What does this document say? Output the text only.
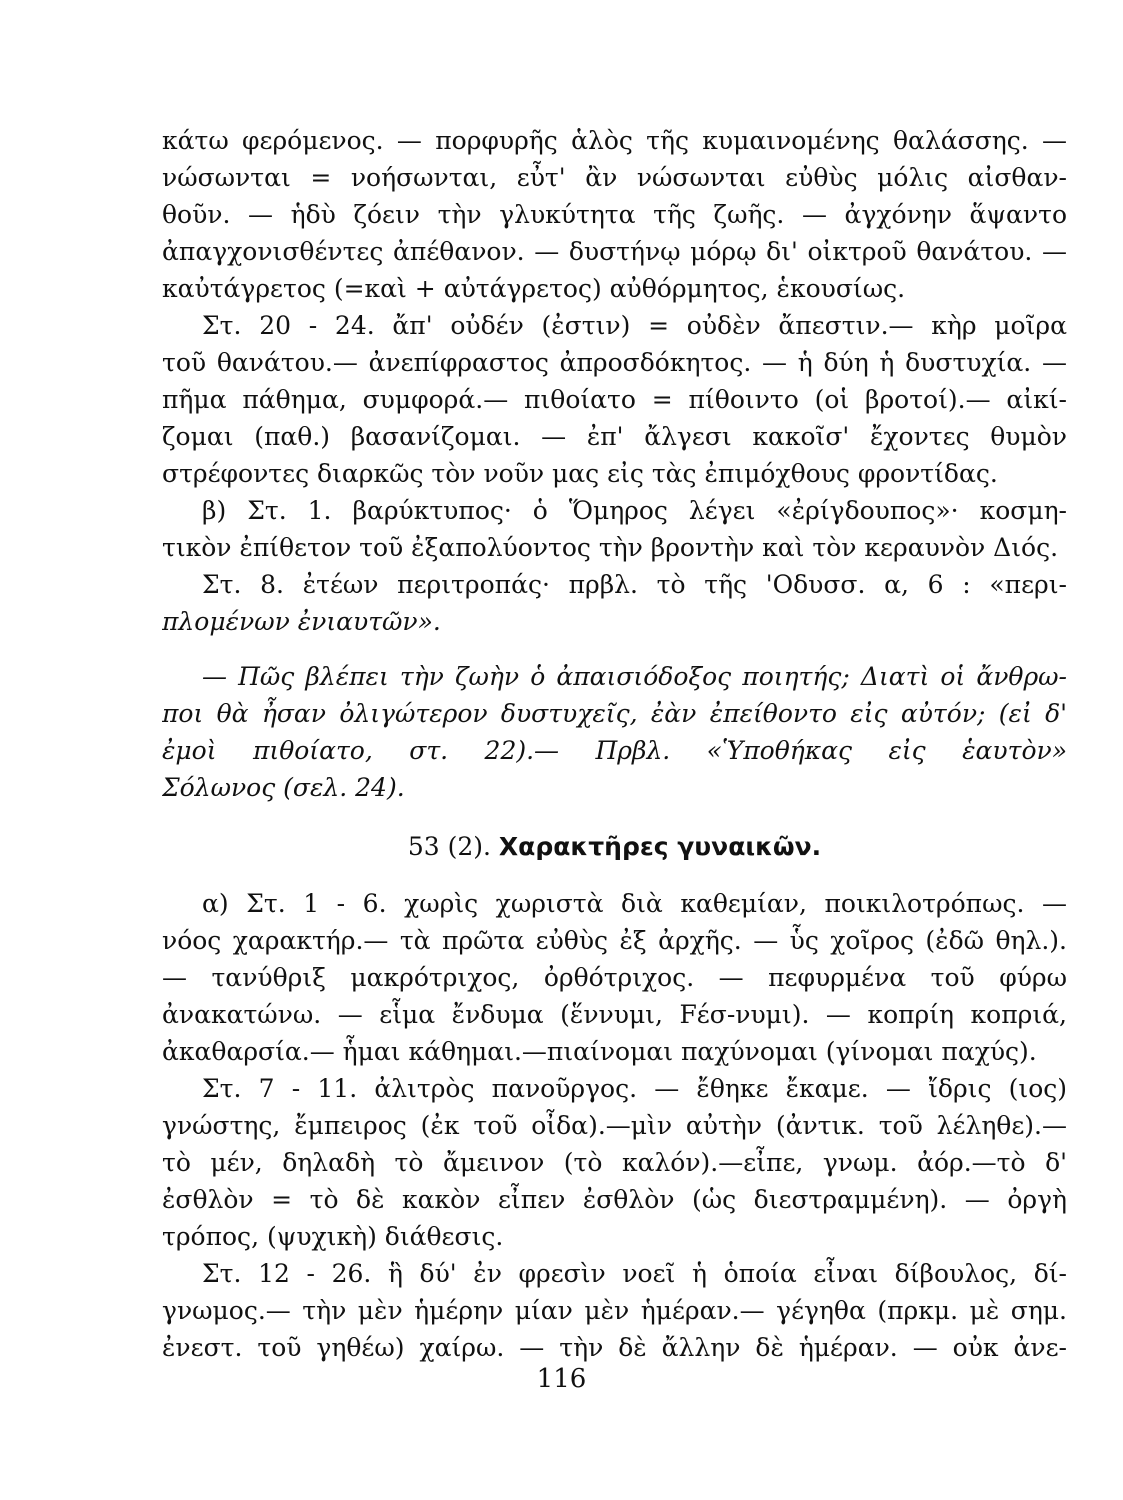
κάτω φερόμενος. — πορφυρῆς ἁλὸς τῆς κυμαινομένης θαλάσσης. —
νώσωνται = νοήσωνται, εὖτ' ἂν νώσωνται εὐθὺς μόλις αἰσθαν-
θοῦν. — ἡδὺ ζόειν τὴν γλυκύτητα τῆς ζωῆς. — ἀγχόνην ἅψαντο
ἀπαγχονισθέντες ἀπέθανον. — δυστήνῳ μόρῳ δι' οἰκτροῦ θανάτου. —
καὐτάγρετος (=καὶ + αὐτάγρετος) αὐθόρμητος, ἑκουσίως.
Στ. 20 - 24. ἄπ' οὐδέν (ἐστιν) = οὐδὲν ἄπεστιν.— κὴρ μοῖρα
τοῦ θανάτου.— ἀνεπίφραστος ἀπροσδόκητος. — ἡ δύη ἡ δυστυχία. —
πῆμα πάθημα, συμφορά.— πιθοίατο = πίθοιντο (οἱ βροτοί).— αἰκί-
ζομαι (παθ.) βασανίζομαι. — ἐπ' ἄλγεσι κακοῖσ' ἔχοντες θυμὸν
στρέφοντες διαρκῶς τὸν νοῦν μας εἰς τὰς ἐπιμόχθους φροντίδας.
β) Στ. 1. βαρύκτυπος· ὁ Ὅμηρος λέγει «ἐρίγδουπος»· κοσμη-
τικὸν ἐπίθετον τοῦ ἐξαπολύοντος τὴν βροντὴν καὶ τὸν κεραυνὸν Διός.
Στ. 8. ἐτέων περιτροπάς· πρβλ. τὸ τῆς 'Οδυσσ. α, 6 : «περι-
πλομένων ἐνιαυτῶν».
— Πῶς βλέπει τὴν ζωὴν ὁ ἀπαισιόδοξος ποιητής; Διατὶ οἱ ἄνθρω-
ποι θὰ ἦσαν ὀλιγώτερον δυστυχεῖς, ἐὰν ἐπείθοντο εἰς αὐτόν; (εἰ δ'
ἐμοὶ πιθοίατο, στ. 22).— Πρβλ. «Ὑποθήκας εἰς ἑαυτὸν»
Σόλωνος (σελ. 24).
53 (2). Χαρακτῆρες γυναικῶν.
α) Στ. 1 - 6. χωρὶς χωριστὰ διὰ καθεμίαν, ποικιλοτρόπως. —
νόος χαρακτήρ.— τὰ πρῶτα εὐθὺς ἐξ ἀρχῆς. — ὗς χοῖρος (ἐδῶ θηλ.).
— τανύθριξ μακρότριχος, ὀρθότριχος. — πεφυρμένα τοῦ φύρω
ἀνακατώνω. — εἷμα ἔνδυμα (ἕννυμι, Fέσ-νυμι). — κοπρίη κοπριά,
ἀκαθαρσία.— ἧμαι κάθημαι.—πιαίνομαι παχύνομαι (γίνομαι παχύς).
Στ. 7 - 11. ἀλιτρὸς πανοῦργος. — ἔθηκε ἔκαμε. — ἴδρις (ιος)
γνώστης, ἔμπειρος (ἐκ τοῦ οἶδα).—μὶν αὐτὴν (ἀντικ. τοῦ λέληθε).—
τὸ μέν, δηλαδὴ τὸ ἄμεινον (τὸ καλόν).—εἶπε, γνωμ. ἀόρ.—τὸ δ'
ἐσθλὸν = τὸ δὲ κακὸν εἶπεν ἐσθλὸν (ὡς διεστραμμένη). — ὀργὴ
τρόπος, (ψυχικὴ) διάθεσις.
Στ. 12 - 26. ἣ δύ' ἐν φρεσὶν νοεῖ ἡ ὁποία εἶναι δίβουλος, δί-
γνωμος.— τὴν μὲν ἡμέρην μίαν μὲν ἡμέραν.— γέγηθα (πρκμ. μὲ σημ.
ἐνεστ. τοῦ γηθέω) χαίρω. — τὴν δὲ ἄλλην δὲ ἡμέραν. — οὐκ ἀνε-
116
